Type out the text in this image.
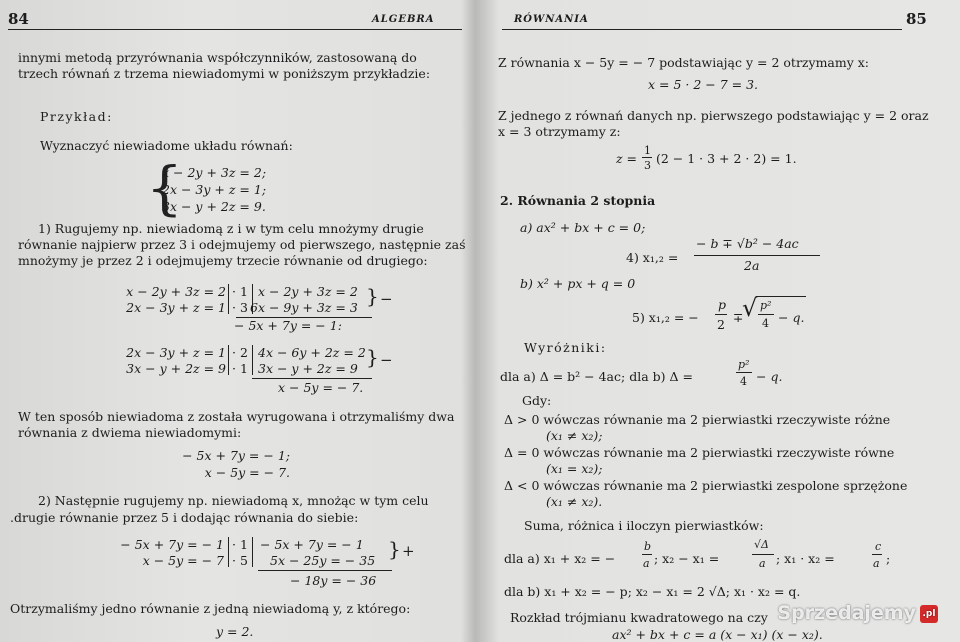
84	ALGEBRA
innymi metodą przyrównania współczynników, zastosowaną do
trzech równań z trzema niewiadomymi w poniższym przykładzie:
Przykład:
Wyznaczyć niewiadome układu równań:
{
x − 2y + 3z = 2;
2x − 3y + z = 1;
3x − y + 2z = 9.
1) Rugujemy np. niewiadomą z i w tym celu mnożymy drugie
równanie najpierw przez 3 i odejmujemy od pierwszego, następnie zaś
mnożymy je przez 2 i odejmujemy trzecie równanie od drugiego:
x − 2y + 3z = 2
2x − 3y + z = 1
· 1
· 3
x − 2y + 3z = 2
6x − 9y + 3z = 3 } −
− 5x + 7y = − 1:
2x − 3y + z = 1
3x − y + 2z = 9
· 2
· 1
4x − 6y + 2z = 2
3x − y + 2z = 9 } −
x − 5y = − 7.
W ten sposób niewiadoma z została wyrugowana i otrzymaliśmy dwa
równania z dwiema niewiadomymi:
− 5x + 7y = − 1;
x − 5y = − 7.
2) Następnie rugujemy np. niewiadomą x, mnożąc w tym celu
.drugie równanie przez 5 i dodając równania do siebie:
− 5x + 7y = − 1
x − 5y = − 7
· 1
· 5
− 5x + 7y = − 1
5x − 25y = − 35 } +
− 18y = − 36
Otrzymaliśmy jedno równanie z jedną niewiadomą y, z którego:
y = 2.
RÓWNANIA	85
Z równania x − 5y = − 7 podstawiając y = 2 otrzymamy x:
x = 5 · 2 − 7 = 3.
Z jednego z równań danych np. pierwszego podstawiając y = 2 oraz
x = 3 otrzymamy z:
z =
1
3 (2 − 1 · 3 + 2 · 2) = 1.
2. Równania 2 stopnia
a) ax² + bx + c = 0;
4) x₁,₂ =
− b ∓ √b² − 4ac
2a
b) x² + px + q = 0
5) x₁,₂ = −
p
2 ∓
√ p²
4 − q.
Wyróżniki:
dla a) Δ = b² − 4ac; dla b) Δ =
p²
4 − q.
Gdy:
Δ > 0 wówczas równanie ma 2 pierwiastki rzeczywiste różne
(x₁ ≠ x₂);
Δ = 0 wówczas równanie ma 2 pierwiastki rzeczywiste równe
(x₁ = x₂);
Δ < 0 wówczas równanie ma 2 pierwiastki zespolone sprzężone
(x₁ ≠ x₂).
Suma, różnica i iloczyn pierwiastków:
dla a) x₁ + x₂ = −
b
a ; x₂ − x₁ =
√Δ
a ; x₁ · x₂ =
c
a ;
dla b) x₁ + x₂ = − p; x₂ − x₁ = 2 √Δ; x₁ · x₂ = q.
Rozkład trójmianu kwadratowego na czy
ax² + bx + c = a (x − x₁) (x − x₂).
Sprzedajemy .pl
